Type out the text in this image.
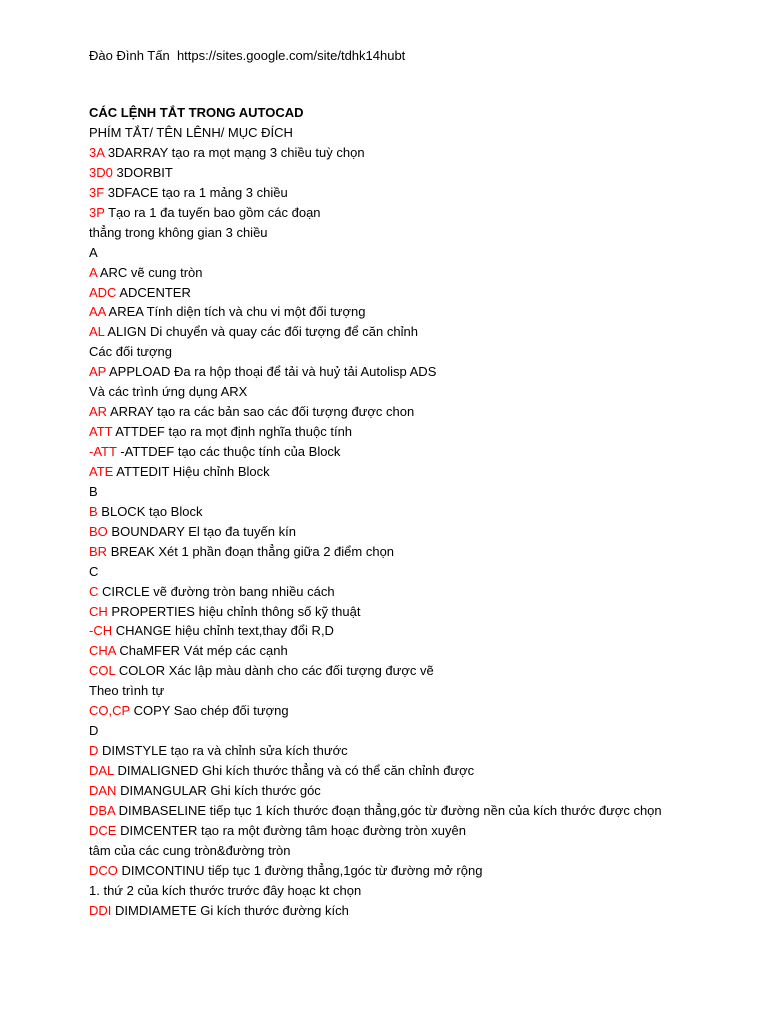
Đào Đình Tấn https://sites.google.com/site/tdhk14hubt
CÁC LỆNH TẮT TRONG AUTOCAD
PHÍM TẮT/ TÊN LÊNH/ MỤC ĐÍCH
3A 3DARRAY tạo ra mọt mạng 3 chiều tuỳ chọn
3D0 3DORBIT
3F 3DFACE tạo ra 1 mảng 3 chiều
3P Tạo ra 1 đa tuyến bao gồm các đoạn
thẳng trong không gian 3 chiều
A
A ARC vẽ cung tròn
ADC ADCENTER
AA AREA Tính diện tích và chu vi một đối tượng
AL ALIGN Di chuyển và quay các đối tượng để căn chỉnh
Các đối tượng
AP APPLOAD Đa ra hộp thoại để tải và huỷ tải Autolisp ADS
Và các trình ứng dụng ARX
AR ARRAY tạo ra các bản sao các đối tượng được chon
ATT ATTDEF tạo ra mọt định nghĩa thuộc tính
-ATT -ATTDEF tạo các thuộc tính của Block
ATE ATTEDIT Hiệu chỉnh Block
B
B BLOCK tạo Block
BO BOUNDARY El tạo đa tuyến kín
BR BREAK Xét 1 phần đoạn thẳng giữa 2 điểm chọn
C
C CIRCLE vẽ đường tròn bang nhiều cách
CH PROPERTIES hiệu chỉnh thông số kỹ thuật
-CH CHANGE hiệu chỉnh text,thay đổi R,D
CHA ChaMFER Vát mép các cạnh
COL COLOR Xác lập màu dành cho các đối tượng được vẽ
Theo trình tự
CO,CP COPY Sao chép đối tượng
D
D DIMSTYLE tạo ra và chỉnh sửa kích thước
DAL DIMALIGNED Ghi kích thước thẳng và có thể căn chỉnh được
DAN DIMANGULAR Ghi kích thước góc
DBA DIMBASELINE tiếp tục 1 kích thước đoạn thẳng,góc từ đường nền của kích thước được chọn
DCE DIMCENTER tạo ra một đường tâm hoạc đường tròn xuyên
tâm của các cung tròn&đường tròn
DCO DIMCONTINU tiếp tục 1 đường thẳng,1góc từ đường mở rộng
1. thứ 2 của kích thước trước đây hoạc kt chọn
DDI DIMDIAMETE Gi kích thước đường kích
